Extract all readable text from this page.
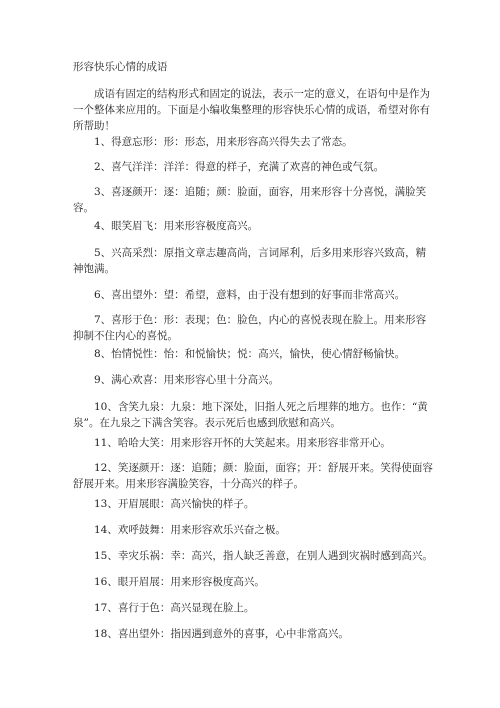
形容快乐心情的成语
成语有固定的结构形式和固定的说法，表示一定的意义，在语句中是作为一个整体来应用的。下面是小编收集整理的形容快乐心情的成语，希望对你有所帮助！
1、得意忘形：形：形态，用来形容高兴得失去了常态。
2、喜气洋洋：洋洋：得意的样子，充满了欢喜的神色或气氛。
3、喜逐颜开：逐：追随；颜：脸面，面容，用来形容十分喜悦，满脸笑容。
4、眼笑眉飞：用来形容极度高兴。
5、兴高采烈：原指文章志趣高尚，言词犀利，后多用来形容兴致高，精神饱满。
6、喜出望外：望：希望，意料，由于没有想到的好事而非常高兴。
7、喜形于色：形：表现；色：脸色，内心的喜悦表现在脸上。用来形容抑制不住内心的喜悦。
8、怡情悦性：怡：和悦愉快；悦：高兴，愉快，使心情舒畅愉快。
9、满心欢喜：用来形容心里十分高兴。
10、含笑九泉：九泉：地下深处，旧指人死之后埋葬的地方。也作：“黄泉”。在九泉之下满含笑容。表示死后也感到欣慰和高兴。
11、哈哈大笑：用来形容开怀的大笑起来。用来形容非常开心。
12、笑逐颜开：逐：追随；颜：脸面，面容；开：舒展开来。笑得使面容舒展开来。用来形容满脸笑容，十分高兴的样子。
13、开眉展眼：高兴愉快的样子。
14、欢呼鼓舞：用来形容欢乐兴奋之极。
15、幸灾乐祸：幸：高兴，指人缺乏善意，在别人遇到灾祸时感到高兴。
16、眼开眉展：用来形容极度高兴。
17、喜行于色：高兴显现在脸上。
18、喜出望外：指因遇到意外的喜事，心中非常高兴。
